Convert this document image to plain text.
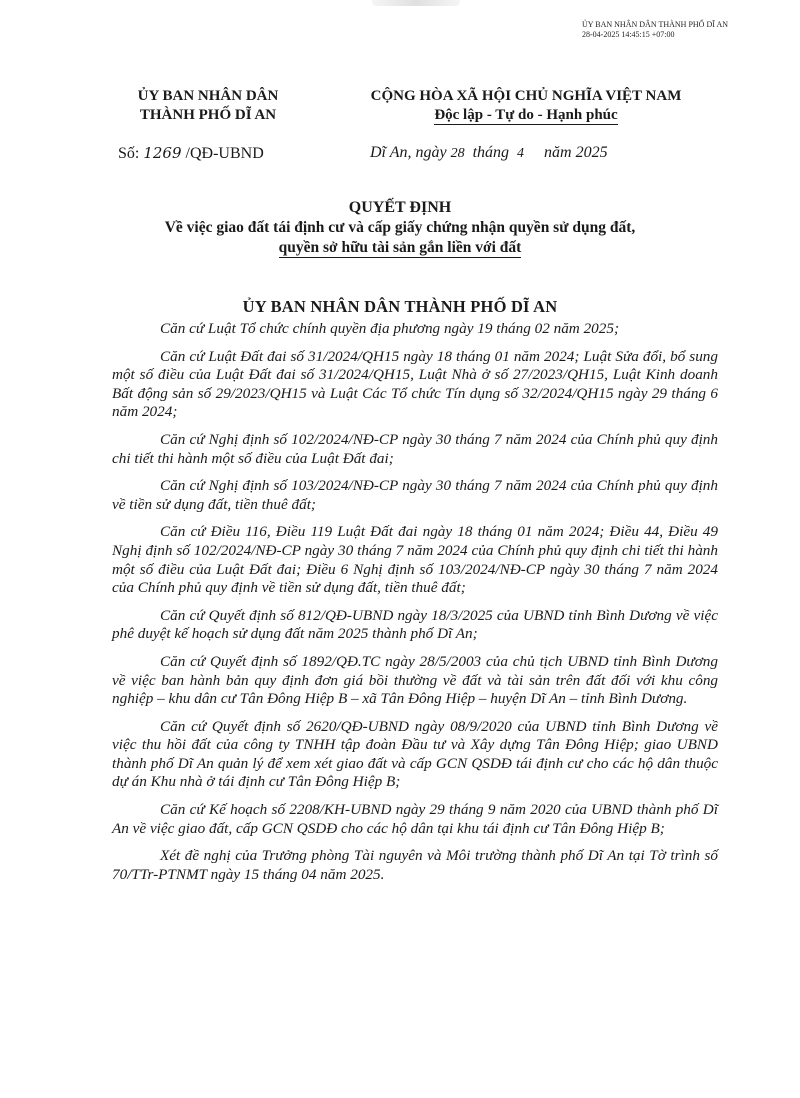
ỦY BAN NHÂN DÂN THÀNH PHỐ DĨ AN
28-04-2025 14:45:15 +07:00
ỦY BAN NHÂN DÂN
THÀNH PHỐ DĨ AN
CỘNG HÒA XÃ HỘI CHỦ NGHĨA VIỆT NAM
Độc lập - Tự do - Hạnh phúc
Số: 1269 /QĐ-UBND	Dĩ An, ngày 28 tháng 4 năm 2025
QUYẾT ĐỊNH
Về việc giao đất tái định cư và cấp giấy chứng nhận quyền sử dụng đất,
quyền sở hữu tài sản gắn liền với đất
ỦY BAN NHÂN DÂN THÀNH PHỐ DĨ AN

Căn cứ Luật Tổ chức chính quyền địa phương ngày 19 tháng 02 năm 2025;

Căn cứ Luật Đất đai số 31/2024/QH15 ngày 18 tháng 01 năm 2024; Luật Sửa đổi, bổ sung một số điều của Luật Đất đai số 31/2024/QH15, Luật Nhà ở số 27/2023/QH15, Luật Kinh doanh Bất động sản số 29/2023/QH15 và Luật Các Tổ chức Tín dụng số 32/2024/QH15 ngày 29 tháng 6 năm 2024;

Căn cứ Nghị định số 102/2024/NĐ-CP ngày 30 tháng 7 năm 2024 của Chính phủ quy định chi tiết thi hành một số điều của Luật Đất đai;

Căn cứ Nghị định số 103/2024/NĐ-CP ngày 30 tháng 7 năm 2024 của Chính phủ quy định về tiền sử dụng đất, tiền thuê đất;

Căn cứ Điều 116, Điều 119 Luật Đất đai ngày 18 tháng 01 năm 2024; Điều 44, Điều 49 Nghị định số 102/2024/NĐ-CP ngày 30 tháng 7 năm 2024 của Chính phủ quy định chi tiết thi hành một số điều của Luật Đất đai; Điều 6 Nghị định số 103/2024/NĐ-CP ngày 30 tháng 7 năm 2024 của Chính phủ quy định về tiền sử dụng đất, tiền thuê đất;

Căn cứ Quyết định số 812/QĐ-UBND ngày 18/3/2025 của UBND tỉnh Bình Dương về việc phê duyệt kế hoạch sử dụng đất năm 2025 thành phố Dĩ An;

Căn cứ Quyết định số 1892/QĐ.TC ngày 28/5/2003 của chủ tịch UBND tỉnh Bình Dương về việc ban hành bản quy định đơn giá bồi thường về đất và tài sản trên đất đối với khu công nghiệp – khu dân cư Tân Đông Hiệp B – xã Tân Đông Hiệp – huyện Dĩ An – tỉnh Bình Dương.

Căn cứ Quyết định số 2620/QĐ-UBND ngày 08/9/2020 của UBND tỉnh Bình Dương về việc thu hồi đất của công ty TNHH tập đoàn Đầu tư và Xây dựng Tân Đông Hiệp; giao UBND thành phố Dĩ An quản lý để xem xét giao đất và cấp GCN QSDĐ tái định cư cho các hộ dân thuộc dự án Khu nhà ở tái định cư Tân Đông Hiệp B;

Căn cứ Kế hoạch số 2208/KH-UBND ngày 29 tháng 9 năm 2020 của UBND thành phố Dĩ An về việc giao đất, cấp GCN QSDĐ cho các hộ dân tại khu tái định cư Tân Đông Hiệp B;

Xét đề nghị của Trưởng phòng Tài nguyên và Môi trường thành phố Dĩ An tại Tờ trình số 70/TTr-PTNMT ngày 15 tháng 04 năm 2025.
